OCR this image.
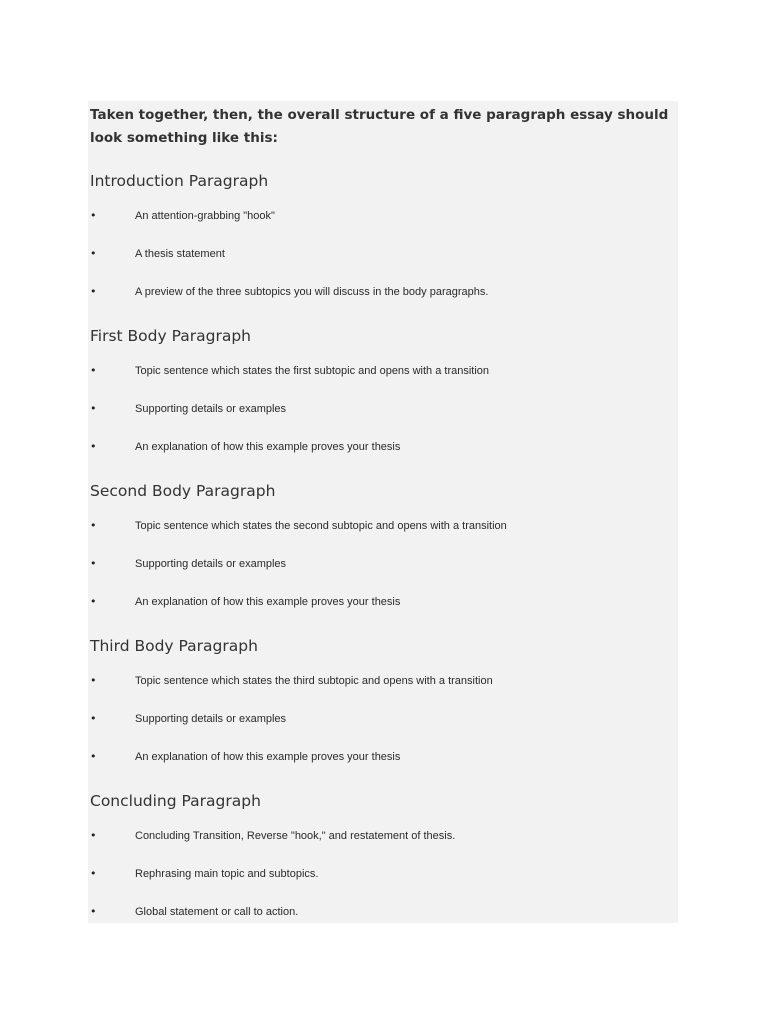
Taken together, then, the overall structure of a five paragraph essay should look something like this:

Introduction Paragraph
•	An attention-grabbing "hook"
•	A thesis statement
•	A preview of the three subtopics you will discuss in the body paragraphs.
First Body Paragraph
•	Topic sentence which states the first subtopic and opens with a transition
•	Supporting details or examples
•	An explanation of how this example proves your thesis
Second Body Paragraph
•	Topic sentence which states the second subtopic and opens with a transition
•	Supporting details or examples
•	An explanation of how this example proves your thesis
Third Body Paragraph
•	Topic sentence which states the third subtopic and opens with a transition
•	Supporting details or examples
•	An explanation of how this example proves your thesis
Concluding Paragraph
•	Concluding Transition, Reverse "hook," and restatement of thesis.
•	Rephrasing main topic and subtopics.
•	Global statement or call to action.
